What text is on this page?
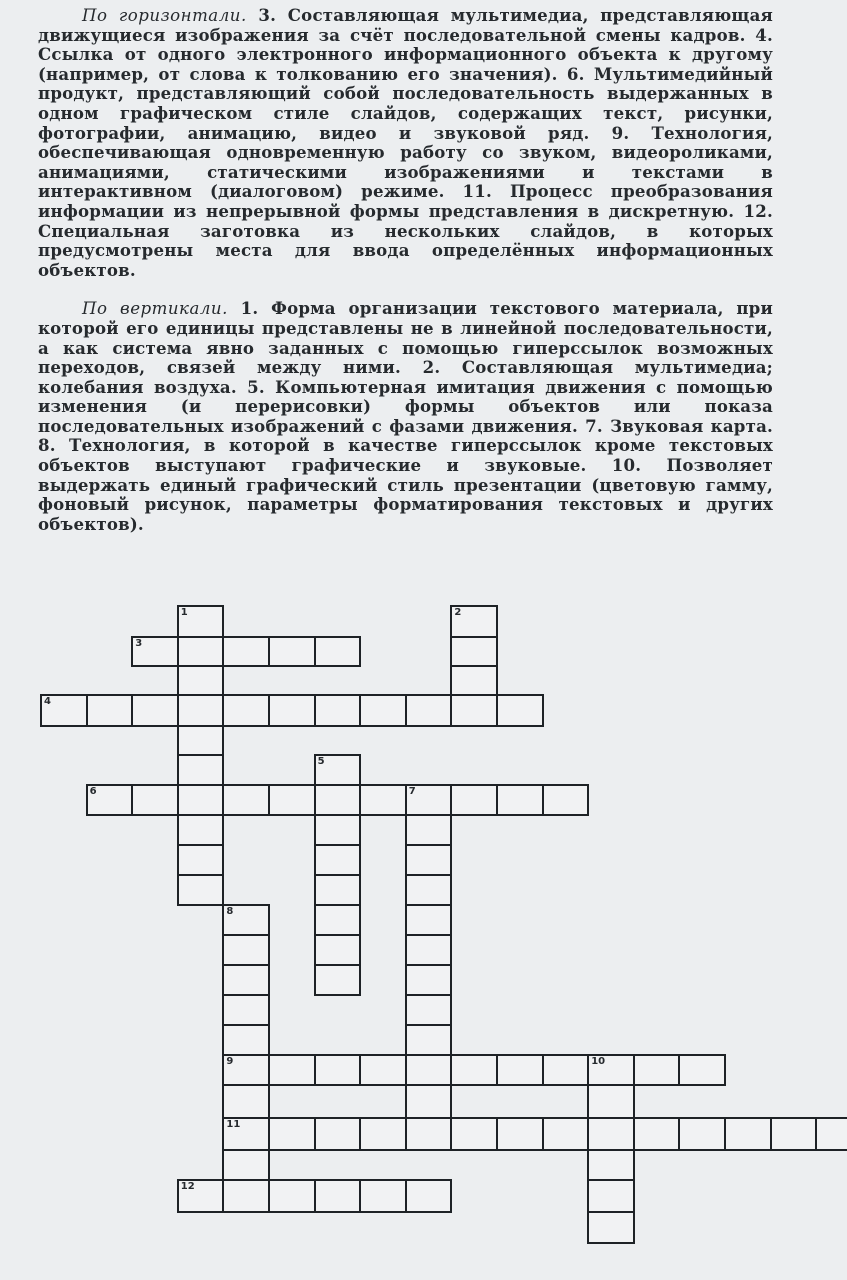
По горизонтали. 3. Составляющая мультимедиа, представляющая движущиеся изображения за счёт последовательной смены кадров. 4. Ссылка от одного электронного информационного объекта к другому (например, от слова к толкованию его значения). 6. Мультимедийный продукт, представляющий собой последовательность выдержанных в одном графическом стиле слайдов, содержащих текст, рисунки, фотографии, анимацию, видео и звуковой ряд. 9. Технология, обеспечивающая одновременную работу со звуком, видеороликами, анимациями, статическими изображениями и текстами в интерактивном (диалоговом) режиме. 11. Процесс преобразования информации из непрерывной формы представления в дискретную. 12. Специальная заготовка из нескольких слайдов, в которых предусмотрены места для ввода определённых информационных объектов.

По вертикали. 1. Форма организации текстового материала, при которой его единицы представлены не в линейной последовательности, а как система явно заданных с помощью гиперссылок возможных переходов, связей между ними. 2. Составляющая мультимедиа; колебания воздуха. 5. Компьютерная имитация движения с помощью изменения (и перерисовки) формы объектов или показа последовательных изображений с фазами движения. 7. Звуковая карта. 8. Технология, в которой в качестве гиперссылок кроме текстовых объектов выступают графические и звуковые. 10. Позволяет выдержать единый графический стиль презентации (цветовую гамму, фоновый рисунок, параметры форматирования текстовых и других объектов).

1	2
3
4
5
6	7
8
9
11
10
12
